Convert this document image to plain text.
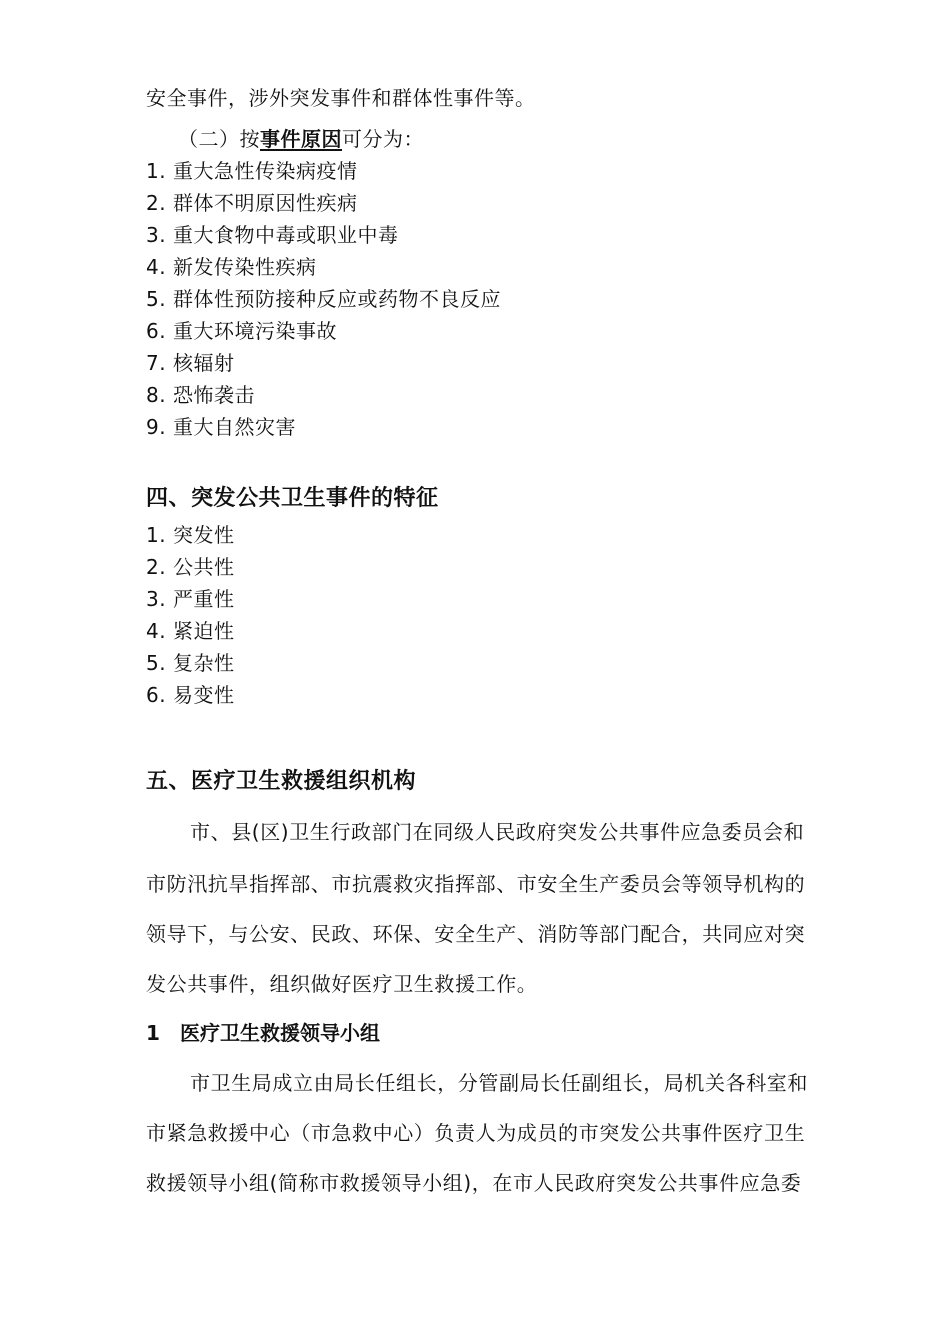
安全事件，涉外突发事件和群体性事件等。
（二）按事件原因可分为：
1. 重大急性传染病疫情
2. 群体不明原因性疾病
3. 重大食物中毒或职业中毒
4. 新发传染性疾病
5. 群体性预防接种反应或药物不良反应
6. 重大环境污染事故
7. 核辐射
8. 恐怖袭击
9. 重大自然灾害
四、突发公共卫生事件的特征
1. 突发性
2. 公共性
3. 严重性
4. 紧迫性
5. 复杂性
6. 易变性
五、医疗卫生救援组织机构
市、县(区)卫生行政部门在同级人民政府突发公共事件应急委员会和
市防汛抗旱指挥部、市抗震救灾指挥部、市安全生产委员会等领导机构的
领导下，与公安、民政、环保、安全生产、消防等部门配合，共同应对突
发公共事件，组织做好医疗卫生救援工作。
1 医疗卫生救援领导小组
市卫生局成立由局长任组长，分管副局长任副组长，局机关各科室和
市紧急救援中心（市急救中心）负责人为成员的市突发公共事件医疗卫生
救援领导小组(简称市救援领导小组)，在市人民政府突发公共事件应急委
